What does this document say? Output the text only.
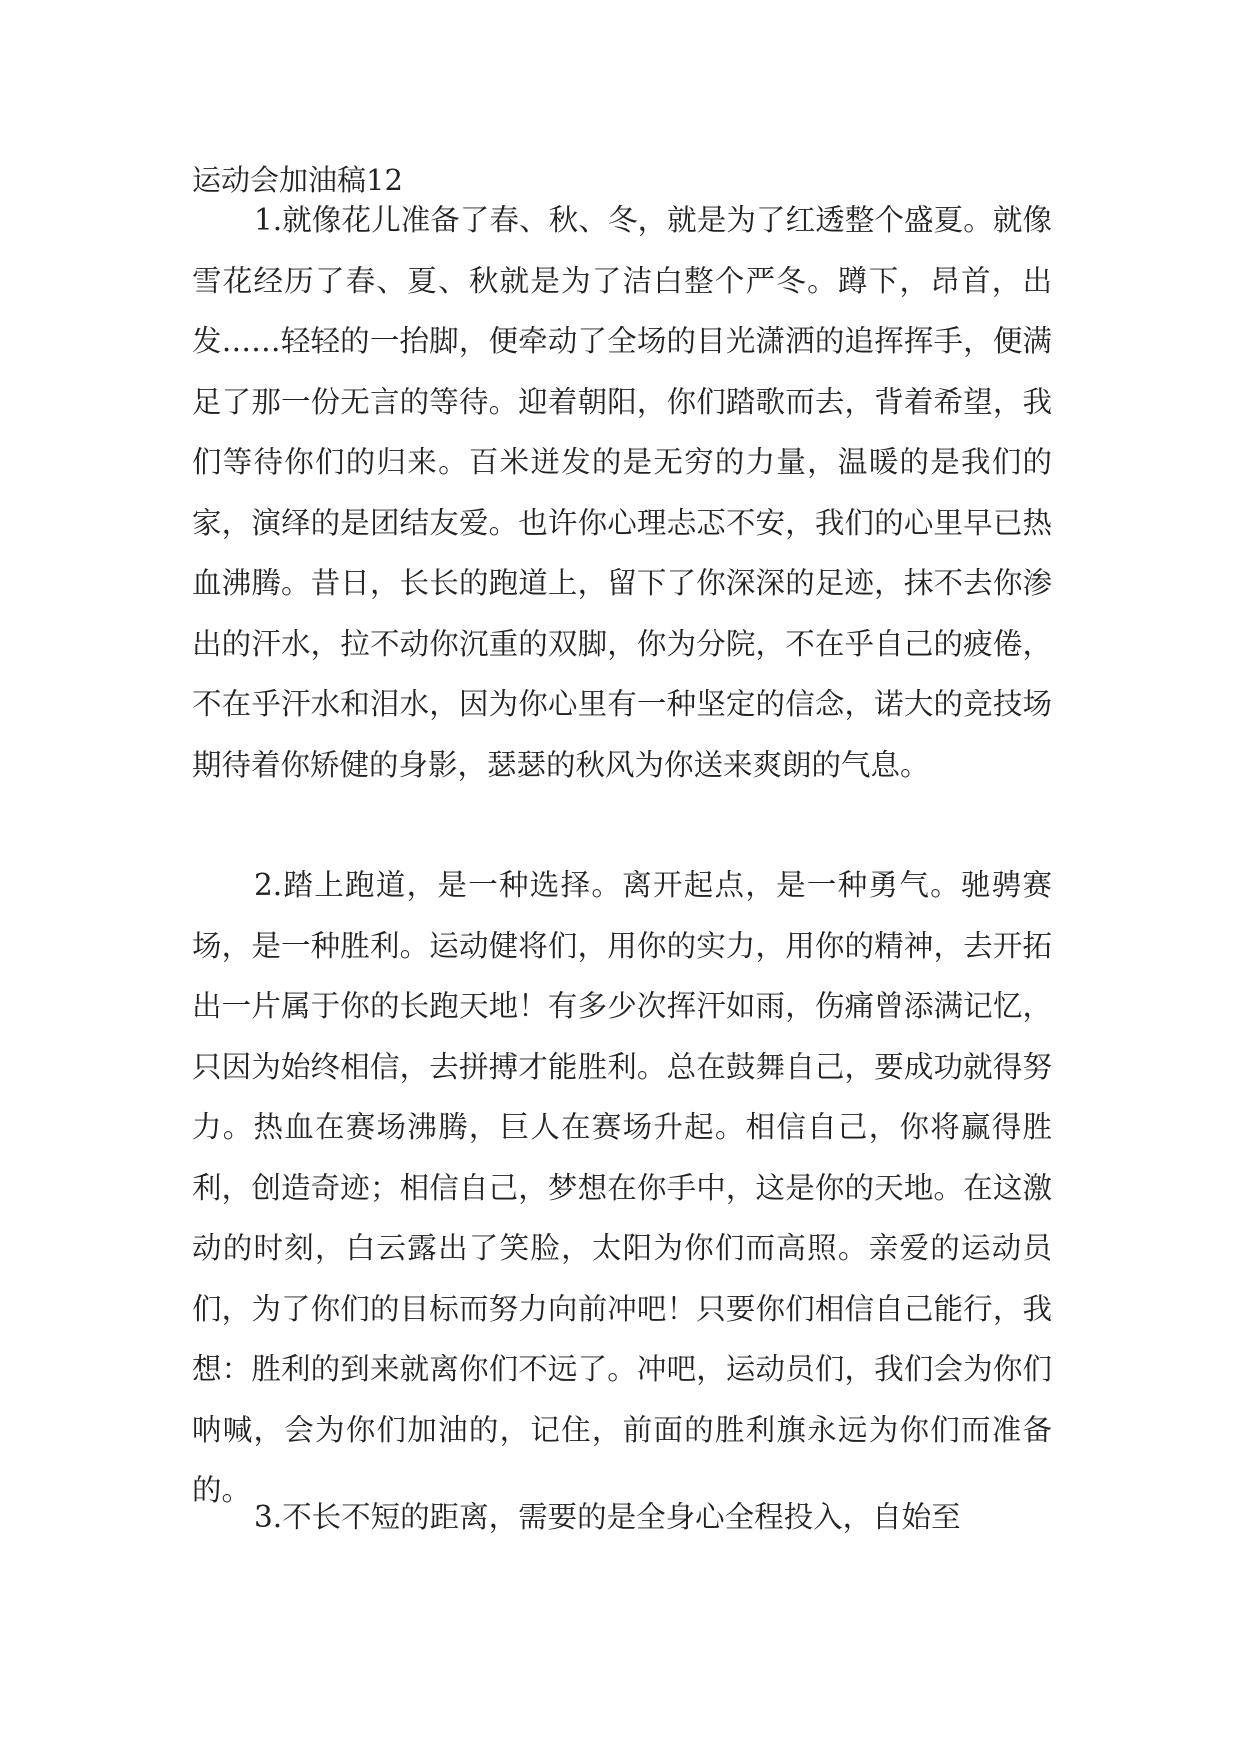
运动会加油稿12

1.就像花儿准备了春、秋、冬，就是为了红透整个盛夏。就像雪花经历了春、夏、秋就是为了洁白整个严冬。蹲下，昂首，出发……轻轻的一抬脚，便牵动了全场的目光潇洒的追挥挥手，便满足了那一份无言的等待。迎着朝阳，你们踏歌而去，背着希望，我们等待你们的归来。百米迸发的是无穷的力量，温暖的是我们的家，演绎的是团结友爱。也许你心理忐忑不安，我们的心里早已热血沸腾。昔日，长长的跑道上，留下了你深深的足迹，抹不去你渗出的汗水，拉不动你沉重的双脚，你为分院，不在乎自己的疲倦，不在乎汗水和泪水，因为你心里有一种坚定的信念，诺大的竞技场期待着你矫健的身影，瑟瑟的秋风为你送来爽朗的气息。

2.踏上跑道，是一种选择。离开起点，是一种勇气。驰骋赛场，是一种胜利。运动健将们，用你的实力，用你的精神，去开拓出一片属于你的长跑天地！有多少次挥汗如雨，伤痛曾添满记忆，只因为始终相信，去拼搏才能胜利。总在鼓舞自己，要成功就得努力。热血在赛场沸腾，巨人在赛场升起。相信自己，你将赢得胜利，创造奇迹；相信自己，梦想在你手中，这是你的天地。在这激动的时刻，白云露出了笑脸，太阳为你们而高照。亲爱的运动员们，为了你们的目标而努力向前冲吧！只要你们相信自己能行，我想：胜利的到来就离你们不远了。冲吧，运动员们，我们会为你们呐喊，会为你们加油的，记住，前面的胜利旗永远为你们而准备的。

3.不长不短的距离，需要的是全身心全程投入，自始至
